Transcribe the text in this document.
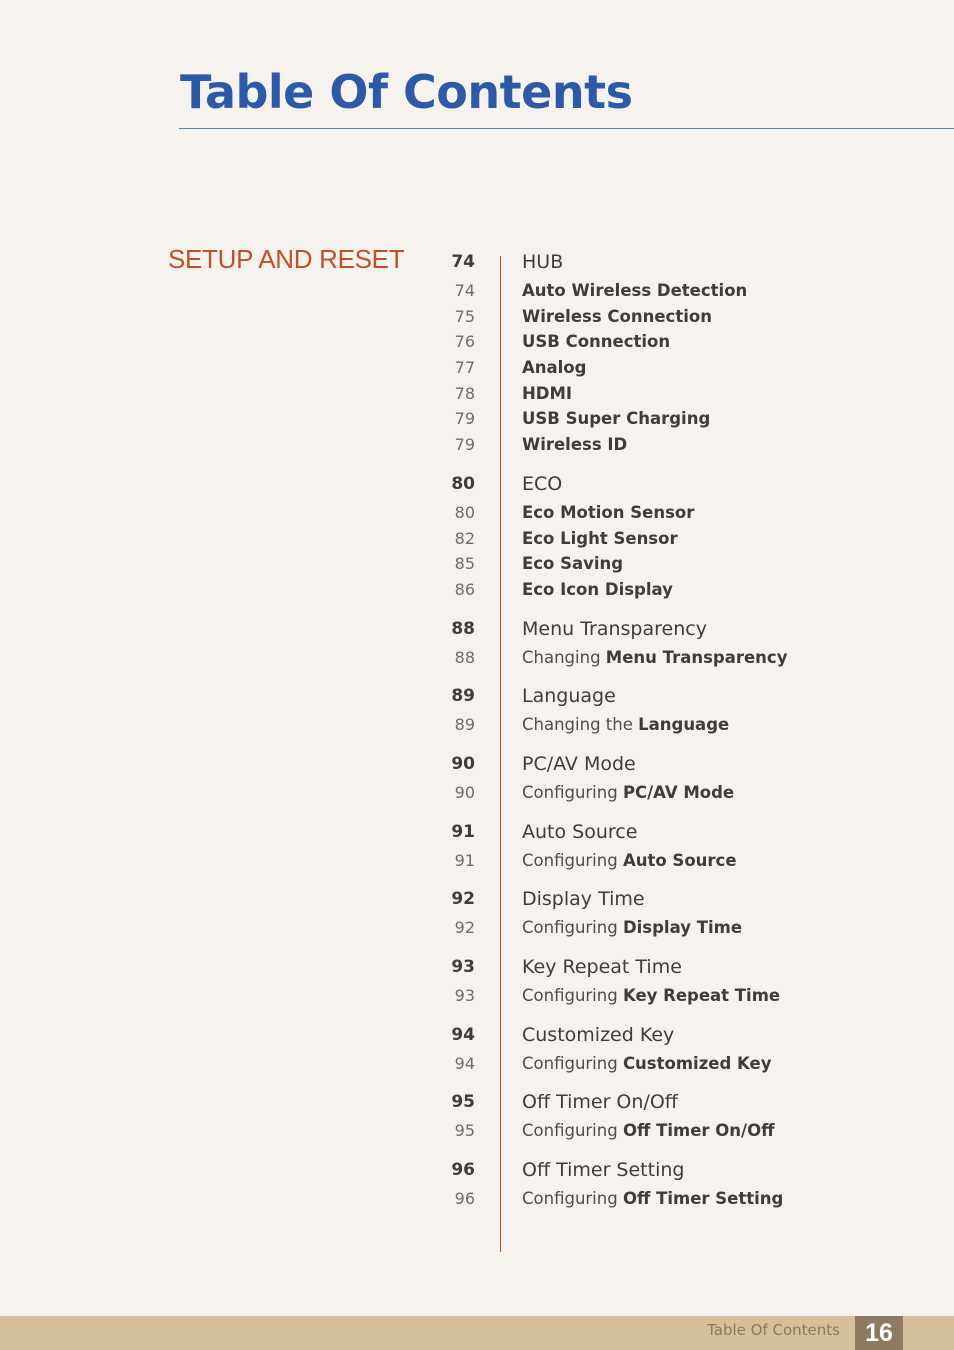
Table Of Contents
SETUP AND RESET	74 HUB
74	Auto Wireless Detection
75	Wireless Connection
76	USB Connection
77	Analog
78	HDMI
79	USB Super Charging
79	Wireless ID
80 ECO
80	Eco Motion Sensor
82	Eco Light Sensor
85	Eco Saving
86	Eco Icon Display
88 Menu Transparency
88	Changing Menu Transparency
89 Language
89	Changing the Language
90 PC/AV Mode
90	Configuring PC/AV Mode
91 Auto Source
91	Configuring Auto Source
92 Display Time
92	Configuring Display Time
93 Key Repeat Time
93	Configuring Key Repeat Time
94 Customized Key
94	Configuring Customized Key
95 Off Timer On/Off
95	Configuring Off Timer On/Off
96 Off Timer Setting
96	Configuring Off Timer Setting
Table Of Contents	16
